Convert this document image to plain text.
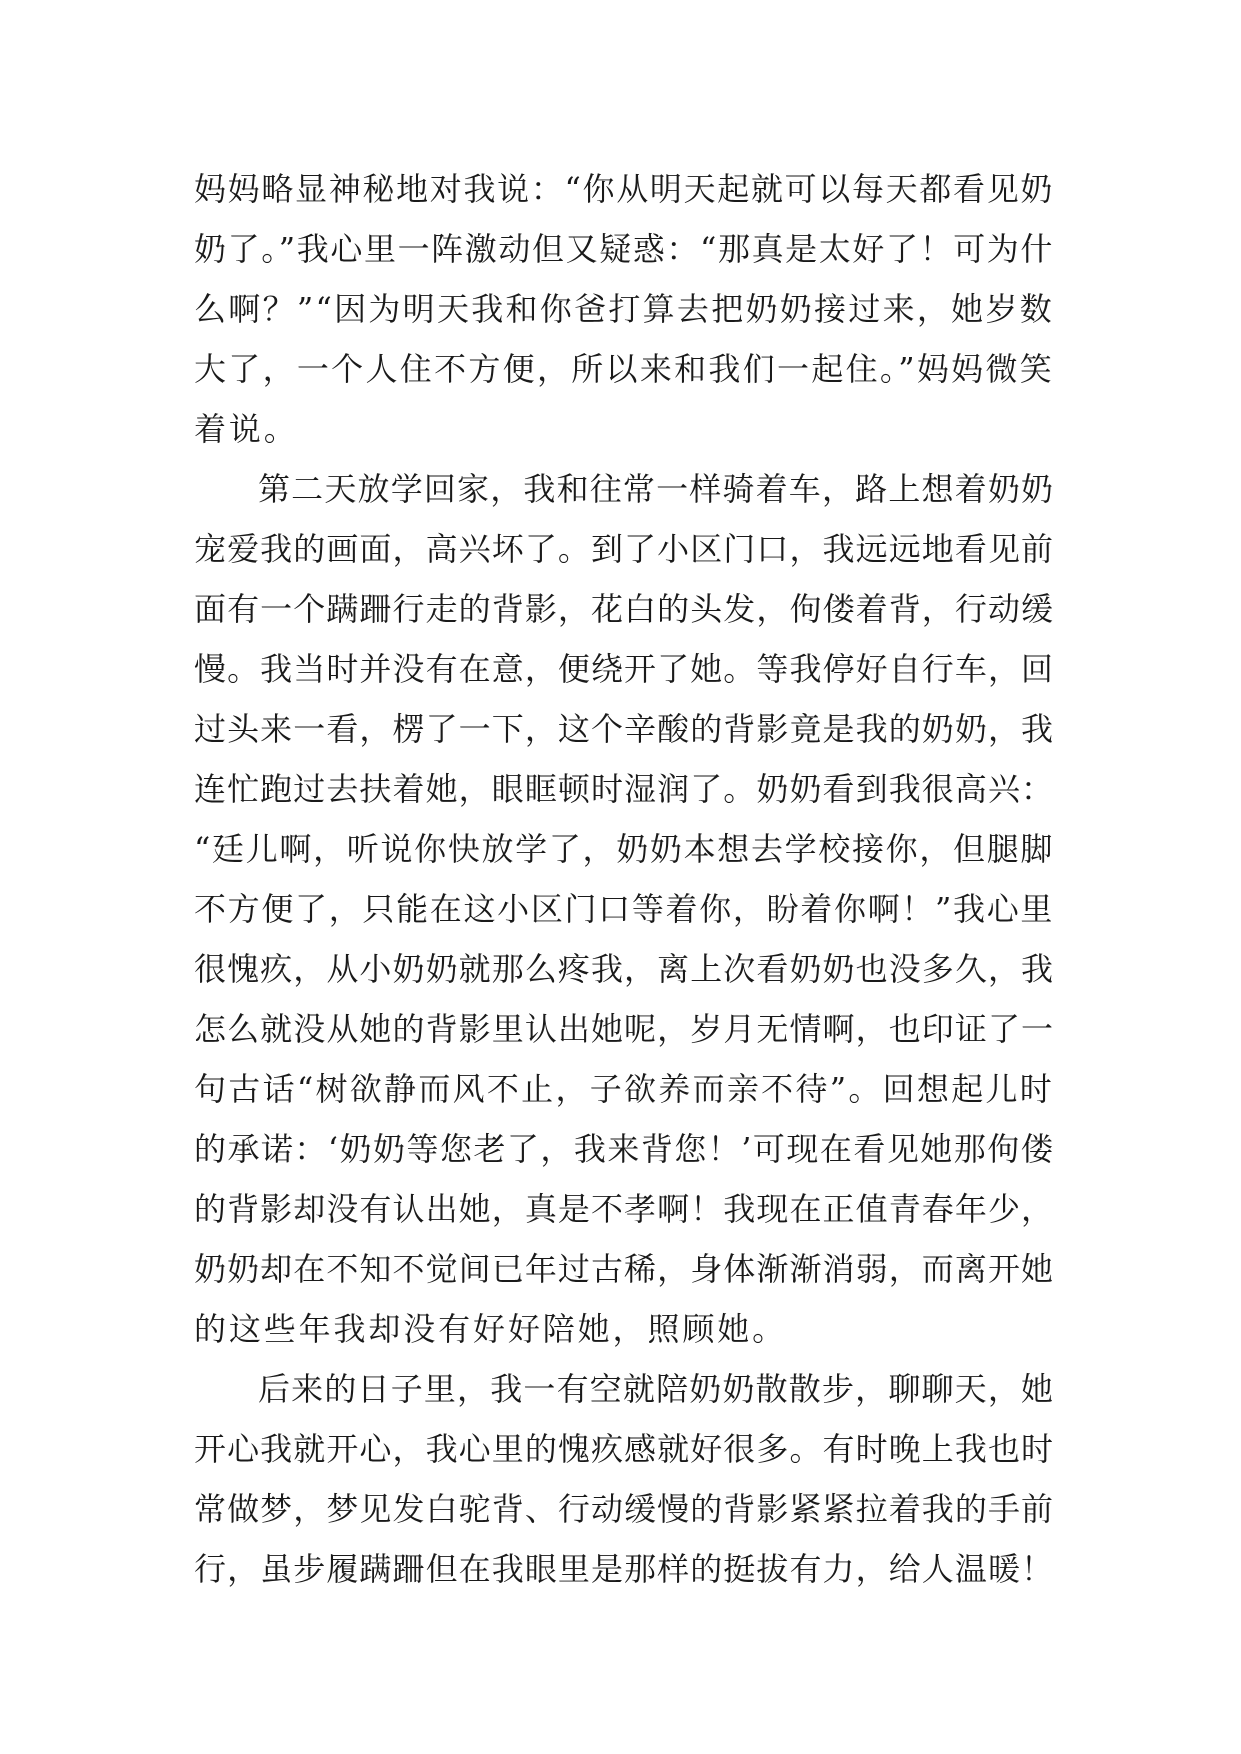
妈妈略显神秘地对我说：“你从明天起就可以每天都看见奶
奶了。”我心里一阵激动但又疑惑：“那真是太好了！可为什
么啊？”“因为明天我和你爸打算去把奶奶接过来，她岁数
大了，一个人住不方便，所以来和我们一起住。”妈妈微笑
着说。
第二天放学回家，我和往常一样骑着车，路上想着奶奶
宠爱我的画面，高兴坏了。到了小区门口，我远远地看见前
面有一个蹒跚行走的背影，花白的头发，佝偻着背，行动缓
慢。我当时并没有在意，便绕开了她。等我停好自行车，回
过头来一看，楞了一下，这个辛酸的背影竟是我的奶奶，我
连忙跑过去扶着她，眼眶顿时湿润了。奶奶看到我很高兴：
“廷儿啊，听说你快放学了，奶奶本想去学校接你，但腿脚
不方便了，只能在这小区门口等着你，盼着你啊！”我心里
很愧疚，从小奶奶就那么疼我，离上次看奶奶也没多久，我
怎么就没从她的背影里认出她呢，岁月无情啊，也印证了一
句古话“树欲静而风不止，子欲养而亲不待”。回想起儿时
的承诺：‘奶奶等您老了，我来背您！’可现在看见她那佝偻
的背影却没有认出她，真是不孝啊！我现在正值青春年少，
奶奶却在不知不觉间已年过古稀，身体渐渐消弱，而离开她
的这些年我却没有好好陪她，照顾她。
后来的日子里，我一有空就陪奶奶散散步，聊聊天，她
开心我就开心，我心里的愧疚感就好很多。有时晚上我也时
常做梦，梦见发白驼背、行动缓慢的背影紧紧拉着我的手前
行，虽步履蹒跚但在我眼里是那样的挺拔有力，给人温暖！
